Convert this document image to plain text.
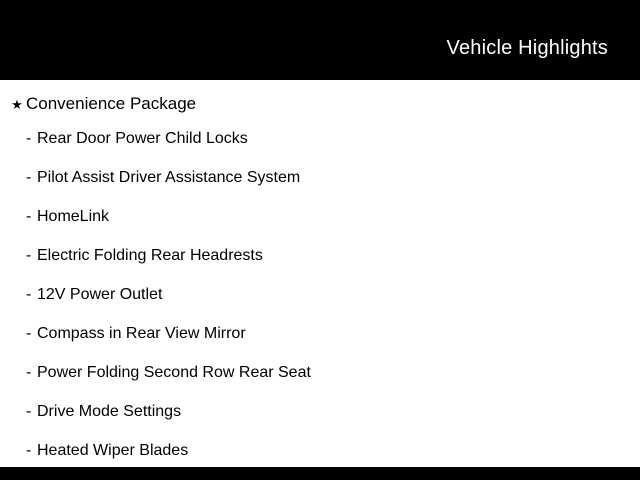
Vehicle Highlights
★ Convenience Package
- Rear Door Power Child Locks
- Pilot Assist Driver Assistance System
- HomeLink
- Electric Folding Rear Headrests
- 12V Power Outlet
- Compass in Rear View Mirror
- Power Folding Second Row Rear Seat
- Drive Mode Settings
- Heated Wiper Blades
